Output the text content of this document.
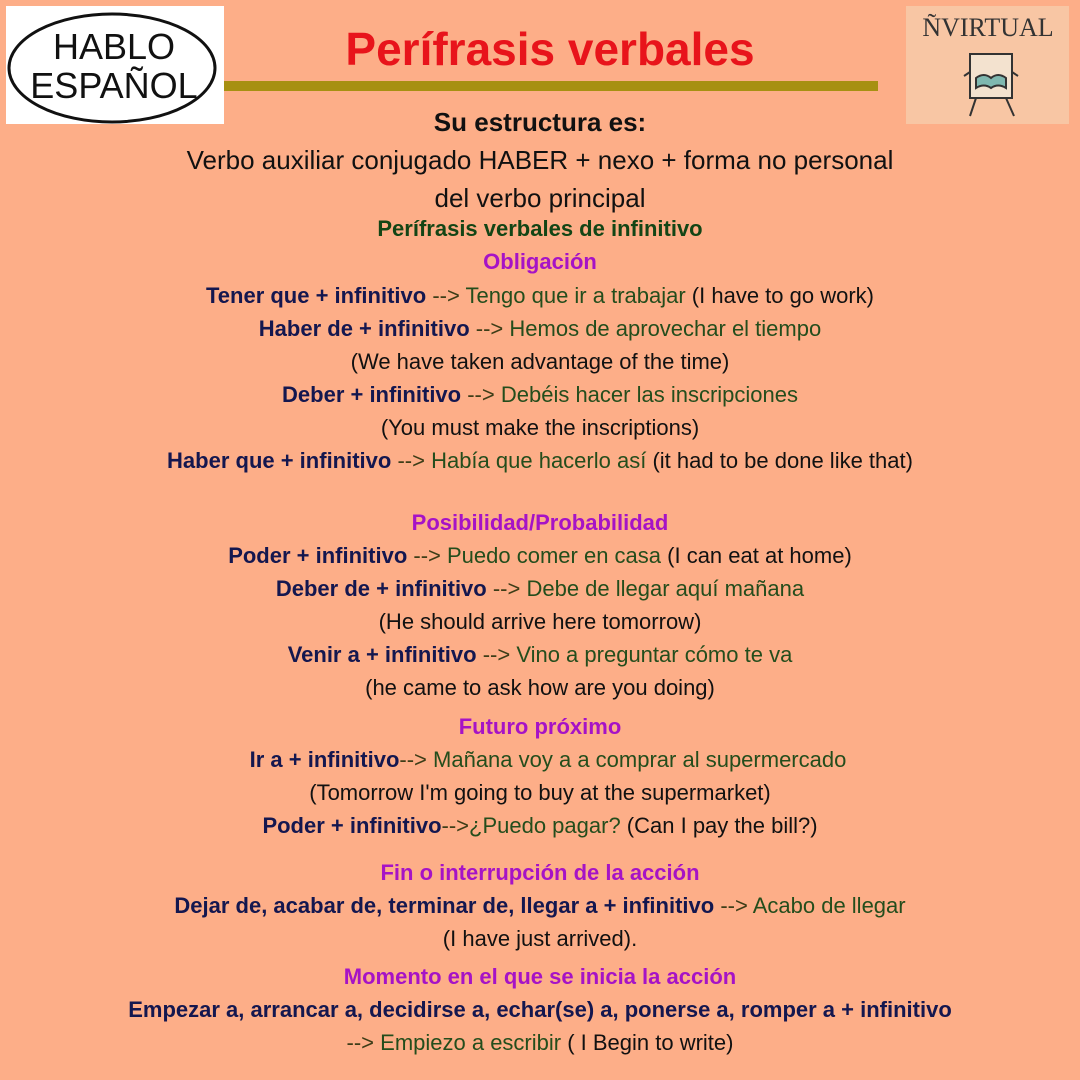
HABLO
ESPAÑOL
Perífrasis verbales	ÑVIRTUAL
Su estructura es:
Verbo auxiliar conjugado HABER + nexo + forma no personal
del verbo principal
Perífrasis verbales de infinitivo
Obligación
Tener que + infinitivo --> Tengo que ir a trabajar (I have to go work)
Haber de + infinitivo --> Hemos de aprovechar el tiempo
(We have taken advantage of the time)
Deber + infinitivo --> Debéis hacer las inscripciones
(You must make the inscriptions)
Haber que + infinitivo --> Había que hacerlo así (it had to be done like that)
Posibilidad/Probabilidad
Poder + infinitivo --> Puedo comer en casa (I can eat at home)
Deber de + infinitivo --> Debe de llegar aquí mañana
(He should arrive here tomorrow)
Venir a + infinitivo --> Vino a preguntar cómo te va
(he came to ask how are you doing)
Futuro próximo
Ir a + infinitivo--> Mañana voy a a comprar al supermercado
(Tomorrow I'm going to buy at the supermarket)
Poder + infinitivo-->¿Puedo pagar? (Can I pay the bill?)
Fin o interrupción de la acción
Dejar de, acabar de, terminar de, llegar a + infinitivo --> Acabo de llegar
(I have just arrived).
Momento en el que se inicia la acción
Empezar a, arrancar a, decidirse a, echar(se) a, ponerse a, romper a + infinitivo
--> Empiezo a escribir ( I Begin to write)
